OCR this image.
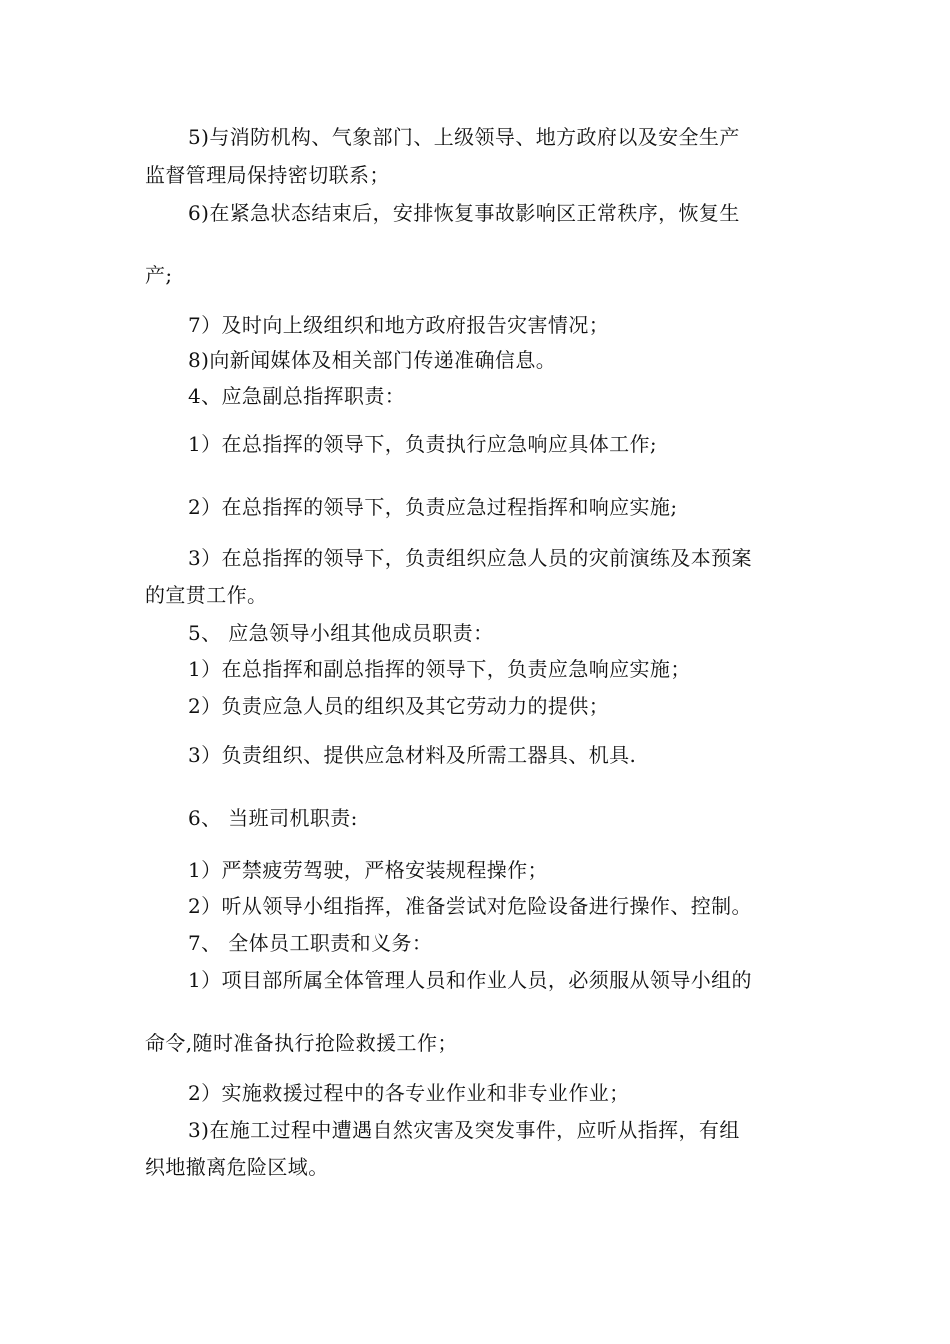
5)与消防机构、气象部门、上级领导、地方政府以及安全生产
监督管理局保持密切联系；
6)在紧急状态结束后，安排恢复事故影响区正常秩序，恢复生
产;
7）及时向上级组织和地方政府报告灾害情况；
8)向新闻媒体及相关部门传递准确信息。
4、应急副总指挥职责：
1）在总指挥的领导下，负责执行应急响应具体工作;
2）在总指挥的领导下，负责应急过程指挥和响应实施;
3）在总指挥的领导下，负责组织应急人员的灾前演练及本预案
的宣贯工作。
5、 应急领导小组其他成员职责：
1）在总指挥和副总指挥的领导下，负责应急响应实施；
2）负责应急人员的组织及其它劳动力的提供；
3）负责组织、提供应急材料及所需工器具、机具.
6、 当班司机职责:
1）严禁疲劳驾驶，严格安装规程操作；
2）听从领导小组指挥，准备尝试对危险设备进行操作、控制。
7、 全体员工职责和义务：
1）项目部所属全体管理人员和作业人员，必须服从领导小组的
命令,随时准备执行抢险救援工作；
2）实施救援过程中的各专业作业和非专业作业；
3)在施工过程中遭遇自然灾害及突发事件，应听从指挥，有组
织地撤离危险区域。
